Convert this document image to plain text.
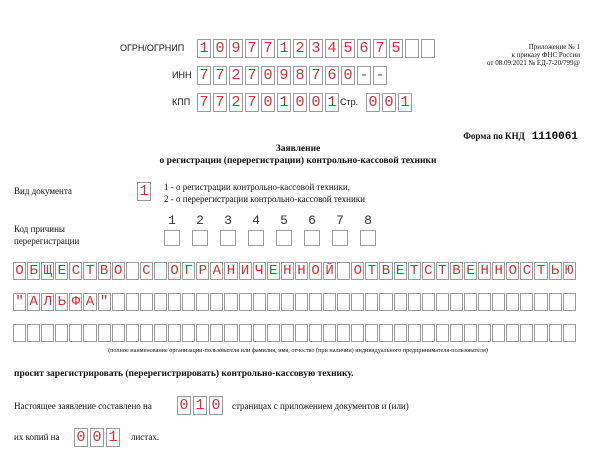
ОГРН/ОГРНИП 1 0 9 7 7 1 2 3 4 5 6 7 5
ИНН 7 7 2 7 0 9 8 7 6 0 - -
КПП 7 7 2 7 0 1 0 0 1 Стр. 0 0 1
Приложение № 1
к приказу ФНС России
от 08.09.2021 № ЕД-7-20/799@
Форма по КНД 1110061
Заявление
о регистрации (перерегистрации) контрольно-кассовой техники
Вид документа	1 1 - о регистрации контрольно-кассовой техники,
2 - о перерегистрации контрольно-кассовой техники
Код причины
перерегистрации
1	2	3	4	5	6	7	8
О Б Щ Е С Т В О С О Г Р А Н И Ч Е Н Н О Й О Т В Е Т С Т В Е Н Н О С Т Ь Ю
" А Л Ь Ф А "
(полное наименование организации-пользователя или фамилия, имя, отчество (при наличии) индивидуального предпринимателя-пользователя)
просит зарегистрировать (перерегистрировать) контрольно-кассовую технику.
Настоящее заявление составлено на 0 1 0 страницах с приложением документов и (или)
их копий на 0 0 1 листах.
